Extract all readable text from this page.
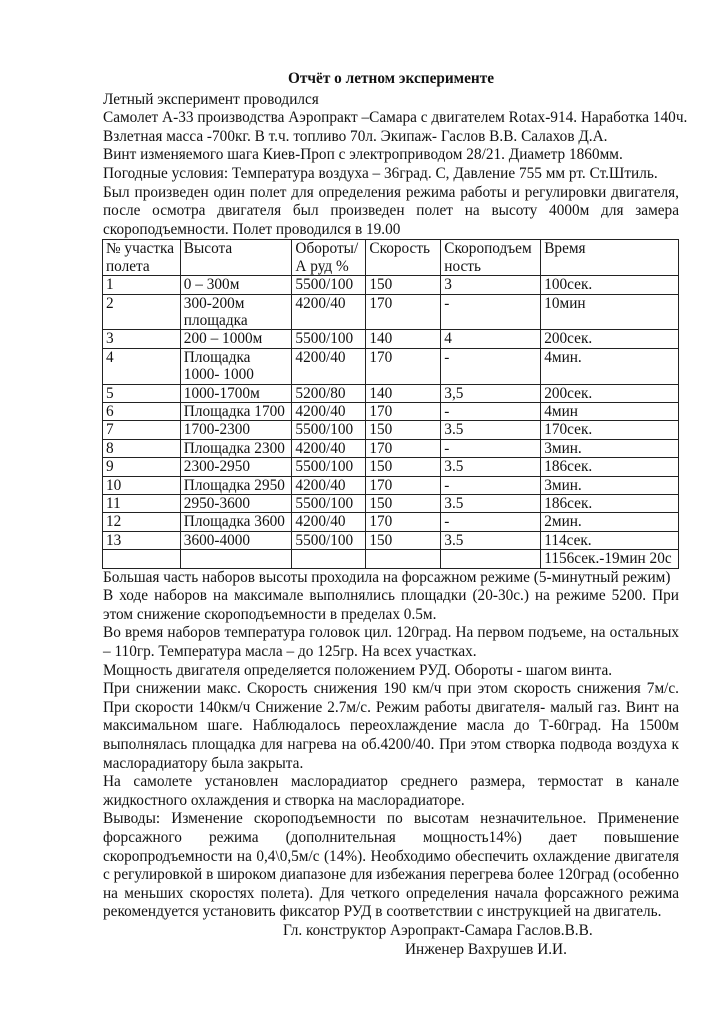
Отчёт о летном эксперименте

Летный эксперимент проводился

Самолет А-33 производства Аэропракт –Самара с двигателем Rotax-914. Наработка 140ч.

Взлетная масса -700кг. В т.ч. топливо 70л. Экипаж- Гаслов В.В. Салахов Д.А.

Винт изменяемого шага Киев-Проп с электроприводом 28/21. Диаметр 1860мм.

Погодные условия: Температура воздуха – 36град. С, Давление 755 мм рт. Ст.Штиль.

Был произведен один полет для определения режима работы и регулировки двигателя, после осмотра двигателя был произведен полет на высоту 4000м для замера скороподъемности. Полет проводился в 19.00

№ участка полета	Высота	Обороты/ А руд %	Скорость	Скороподъем ность	Время
1	0 – 300м	5500/100	150	3	100сек.
2	300-200м площадка	4200/40	170	-	10мин
3	200 – 1000м	5500/100	140	4	200сек.
4	Площадка 1000- 1000	4200/40	170	-	4мин.
5	1000-1700м	5200/80	140	3,5	200сек.
6	Площадка 1700	4200/40	170	-	4мин
7	1700-2300	5500/100	150	3.5	170сек.
8	Площадка 2300	4200/40	170	-	3мин.
9	2300-2950	5500/100	150	3.5	186сек.
10	Площадка 2950	4200/40	170	-	3мин.
11	2950-3600	5500/100	150	3.5	186сек.
12	Площадка 3600	4200/40	170	-	2мин.
13	3600-4000	5500/100	150	3.5	114сек.
					1156сек.-19мин 20с

Большая часть наборов высоты проходила на форсажном режиме (5-минутный режим)

В ходе наборов на максимале выполнялись площадки (20-30с.) на режиме 5200. При этом снижение скороподъемности в пределах 0.5м.

Во время наборов температура головок цил. 120град. На первом подъеме, на остальных – 110гр. Температура масла – до 125гр. На всех участках.

Мощность двигателя определяется положением РУД. Обороты - шагом винта.

При снижении макс. Скорость снижения 190 км/ч при этом скорость снижения 7м/с. При скорости 140км/ч Снижение 2.7м/с. Режим работы двигателя- малый газ. Винт на максимальном шаге. Наблюдалось переохлаждение масла до Т-60град. На 1500м выполнялась площадка для нагрева на об.4200/40. При этом створка подвода воздуха к маслорадиатору была закрыта.

На самолете установлен маслорадиатор среднего размера, термостат в канале жидкостного охлаждения и створка на маслорадиаторе.

Выводы: Изменение скороподъемности по высотам незначительное. Применение форсажного режима (дополнительная мощность14%) дает повышение скоропродъемности на 0,4\0,5м/с (14%). Необходимо обеспечить охлаждение двигателя с регулировкой в широком диапазоне для избежания перегрева более 120град (особенно на меньших скоростях полета). Для четкого определения начала форсажного режима рекомендуется установить фиксатор РУД в соответствии с инструкцией на двигатель.

Гл. конструктор Аэропракт-Самара Гаслов.В.В.

Инженер Вахрушев И.И.
